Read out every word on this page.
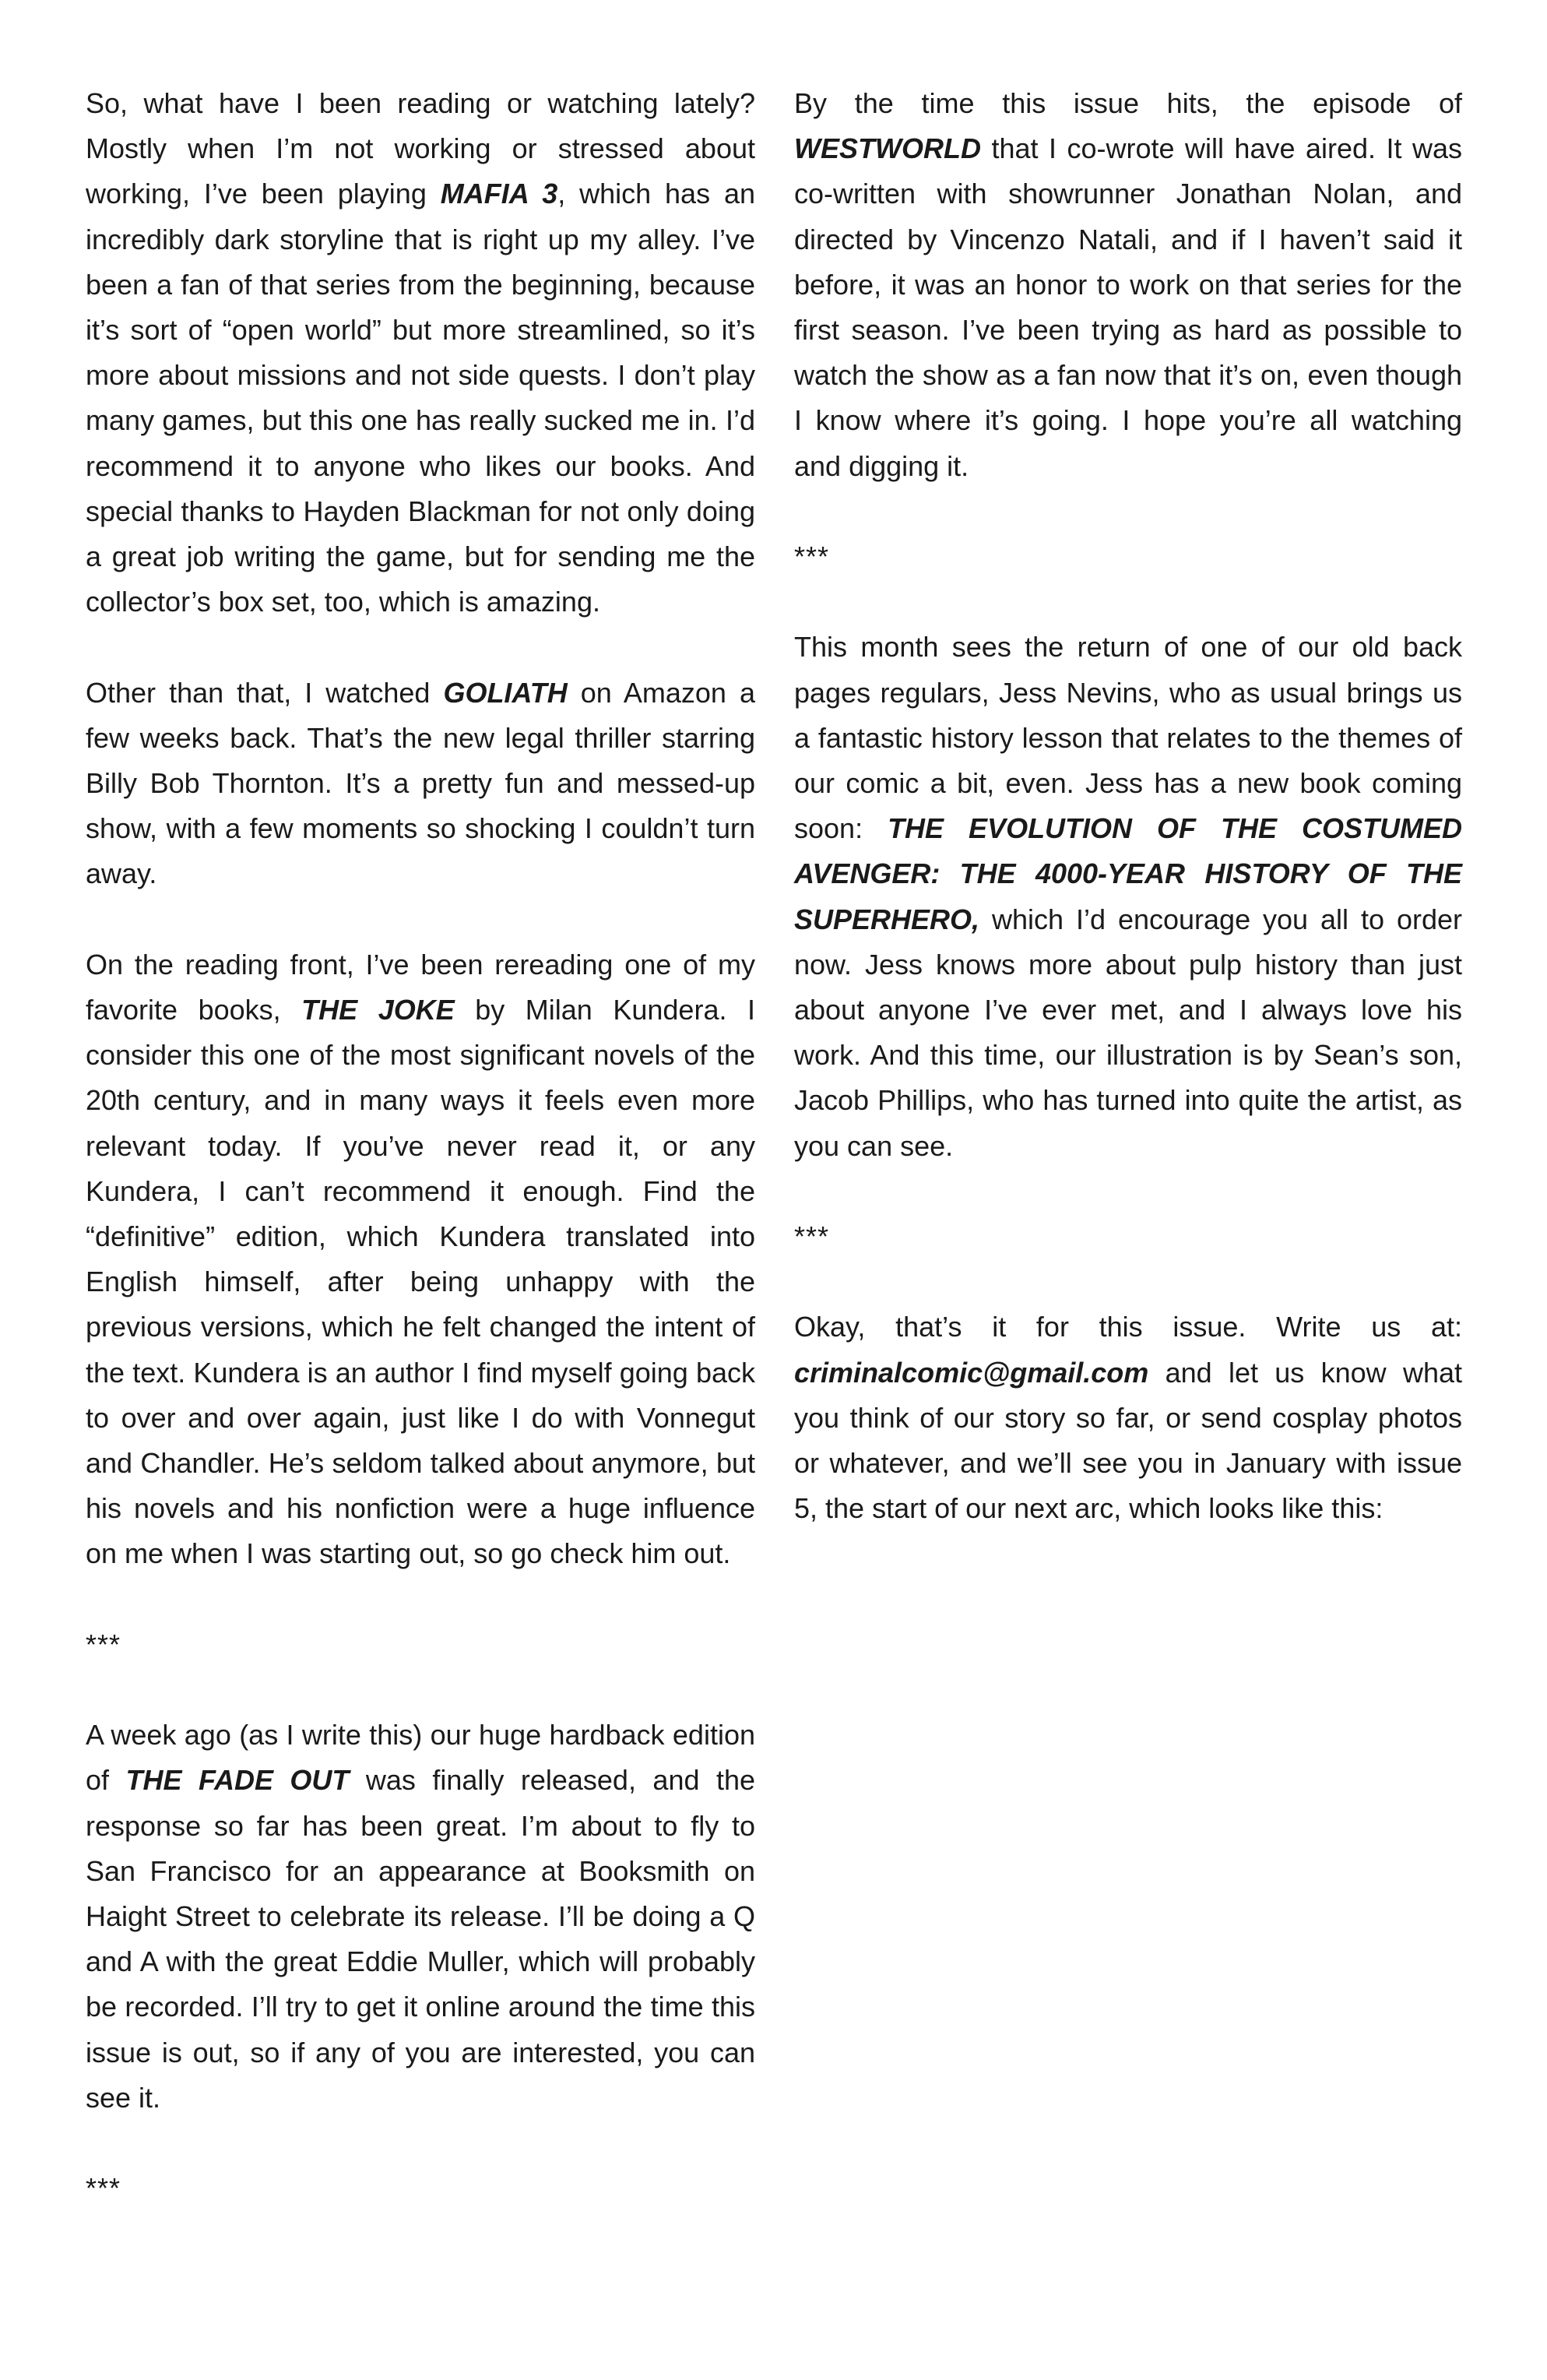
So, what have I been reading or watching lately? Mostly when I’m not working or stressed about working, I’ve been playing MAFIA 3, which has an incredibly dark storyline that is right up my alley. I’ve been a fan of that series from the beginning, because it’s sort of “open world” but more streamlined, so it’s more about missions and not side quests. I don’t play many games, but this one has really sucked me in. I’d recommend it to anyone who likes our books. And special thanks to Hayden Blackman for not only doing a great job writing the game, but for sending me the collector’s box set, too, which is amazing.

Other than that, I watched GOLIATH on Amazon a few weeks back. That’s the new legal thriller starring Billy Bob Thornton. It’s a pretty fun and messed-up show, with a few moments so shocking I couldn’t turn away.

On the reading front, I’ve been rereading one of my favorite books, THE JOKE by Milan Kundera. I consider this one of the most significant novels of the 20th century, and in many ways it feels even more relevant today. If you’ve never read it, or any Kundera, I can’t recommend it enough. Find the “definitive” edition, which Kundera translated into English himself, after being unhappy with the previous versions, which he felt changed the intent of the text. Kundera is an author I find myself going back to over and over again, just like I do with Vonnegut and Chandler. He’s seldom talked about anymore, but his novels and his nonfiction were a huge influence on me when I was starting out, so go check him out.

***

A week ago (as I write this) our huge hardback edition of THE FADE OUT was finally released, and the response so far has been great. I’m about to fly to San Francisco for an appearance at Booksmith on Haight Street to celebrate its release. I’ll be doing a Q and A with the great Eddie Muller, which will probably be recorded. I’ll try to get it online around the time this issue is out, so if any of you are interested, you can see it.

***

By the time this issue hits, the episode of WESTWORLD that I co-wrote will have aired. It was co-written with showrunner Jonathan Nolan, and directed by Vincenzo Natali, and if I haven’t said it before, it was an honor to work on that series for the first season. I’ve been trying as hard as possible to watch the show as a fan now that it’s on, even though I know where it’s going. I hope you’re all watching and digging it.

***

This month sees the return of one of our old back pages regulars, Jess Nevins, who as usual brings us a fantastic history lesson that relates to the themes of our comic a bit, even. Jess has a new book coming soon: THE EVOLUTION OF THE COSTUMED AVENGER: THE 4000-YEAR HISTORY OF THE SUPERHERO, which I’d encourage you all to order now. Jess knows more about pulp history than just about anyone I’ve ever met, and I always love his work. And this time, our illustration is by Sean’s son, Jacob Phillips, who has turned into quite the artist, as you can see.

***

Okay, that’s it for this issue. Write us at: criminalcomic@gmail.com and let us know what you think of our story so far, or send cosplay photos or whatever, and we’ll see you in January with issue 5, the start of our next arc, which looks like this:
